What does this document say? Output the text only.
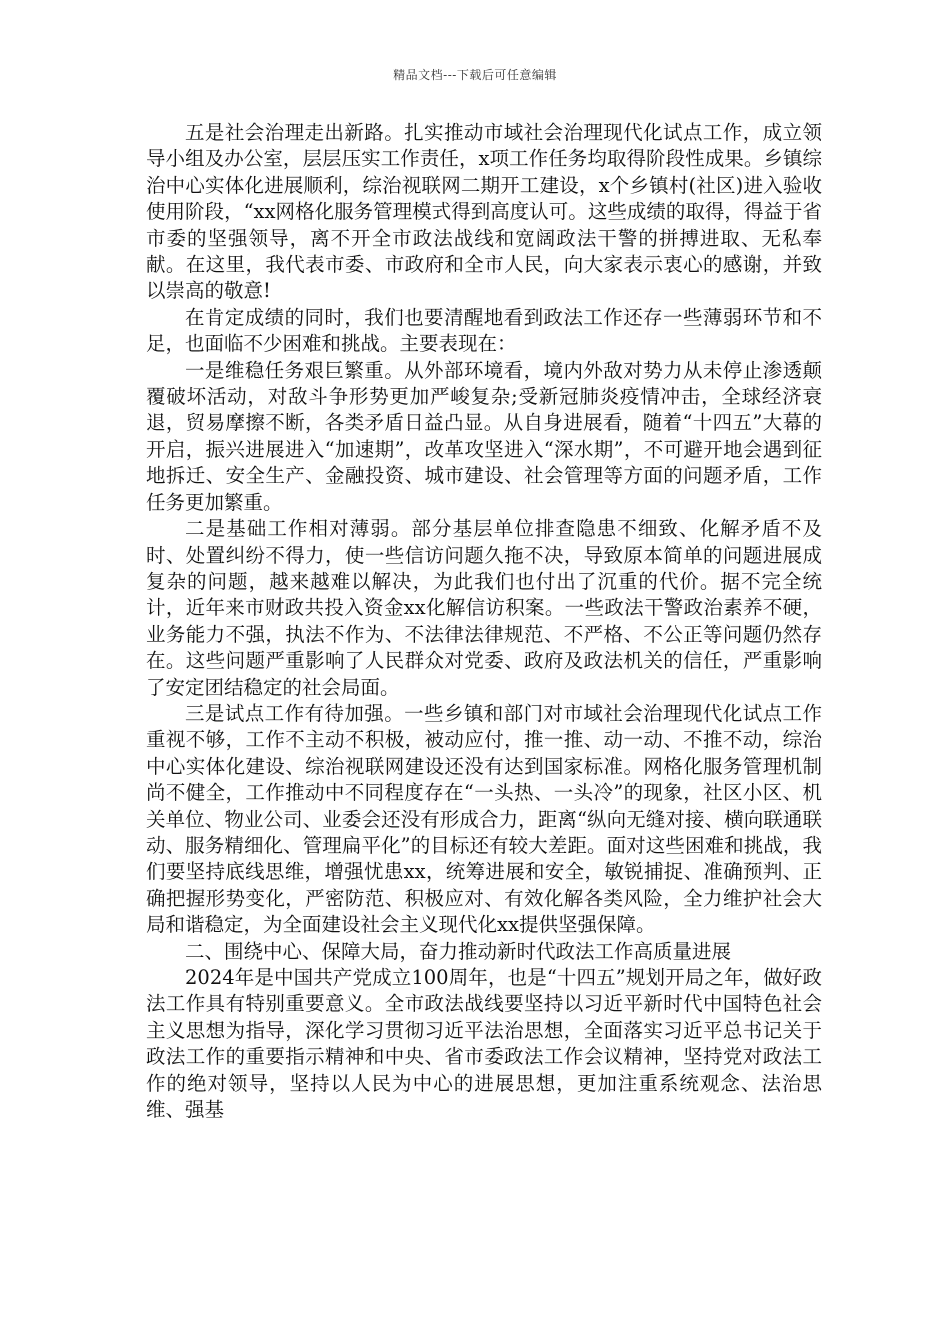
精品文档---下载后可任意编辑

五是社会治理走出新路。扎实推动市域社会治理现代化试点工作，成立领导小组及办公室，层层压实工作责任，x项工作任务均取得阶段性成果。乡镇综治中心实体化进展顺利，综治视联网二期开工建设，x个乡镇村(社区)进入验收使用阶段，“xx网格化服务管理模式得到高度认可。这些成绩的取得，得益于省市委的坚强领导，离不开全市政法战线和宽阔政法干警的拼搏进取、无私奉献。在这里，我代表市委、市政府和全市人民，向大家表示衷心的感谢，并致以崇高的敬意!

在肯定成绩的同时，我们也要清醒地看到政法工作还存一些薄弱环节和不足，也面临不少困难和挑战。主要表现在：

一是维稳任务艰巨繁重。从外部环境看，境内外敌对势力从未停止渗透颠覆破坏活动，对敌斗争形势更加严峻复杂;受新冠肺炎疫情冲击，全球经济衰退，贸易摩擦不断，各类矛盾日益凸显。从自身进展看，随着“十四五”大幕的开启，振兴进展进入“加速期”，改革攻坚进入“深水期”，不可避开地会遇到征地拆迁、安全生产、金融投资、城市建设、社会管理等方面的问题矛盾，工作任务更加繁重。

二是基础工作相对薄弱。部分基层单位排查隐患不细致、化解矛盾不及时、处置纠纷不得力，使一些信访问题久拖不决，导致原本简单的问题进展成复杂的问题，越来越难以解决，为此我们也付出了沉重的代价。据不完全统计，近年来市财政共投入资金xx化解信访积案。一些政法干警政治素养不硬，业务能力不强，执法不作为、不法律法律规范、不严格、不公正等问题仍然存在。这些问题严重影响了人民群众对党委、政府及政法机关的信任，严重影响了安定团结稳定的社会局面。

三是试点工作有待加强。一些乡镇和部门对市域社会治理现代化试点工作重视不够，工作不主动不积极，被动应付，推一推、动一动、不推不动，综治中心实体化建设、综治视联网建设还没有达到国家标准。网格化服务管理机制尚不健全，工作推动中不同程度存在“一头热、一头冷”的现象，社区小区、机关单位、物业公司、业委会还没有形成合力，距离“纵向无缝对接、横向联通联动、服务精细化、管理扁平化”的目标还有较大差距。面对这些困难和挑战，我们要坚持底线思维，增强忧患xx，统筹进展和安全，敏锐捕捉、准确预判、正确把握形势变化，严密防范、积极应对、有效化解各类风险，全力维护社会大局和谐稳定，为全面建设社会主义现代化xx提供坚强保障。

二、围绕中心、保障大局，奋力推动新时代政法工作高质量进展

2024年是中国共产党成立100周年，也是“十四五”规划开局之年，做好政法工作具有特别重要意义。全市政法战线要坚持以习近平新时代中国特色社会主义思想为指导，深化学习贯彻习近平法治思想，全面落实习近平总书记关于政法工作的重要指示精神和中央、省市委政法工作会议精神，坚持党对政法工作的绝对领导，坚持以人民为中心的进展思想，更加注重系统观念、法治思维、强基
